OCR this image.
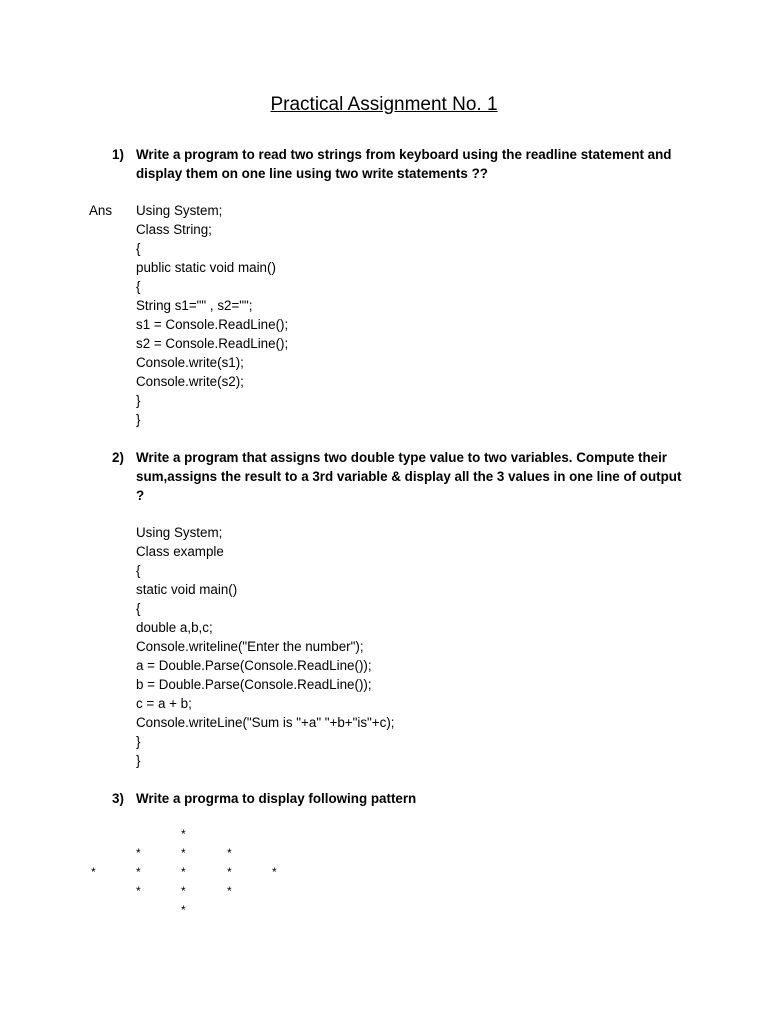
Practical Assignment No. 1
1) Write a program to read two strings from keyboard using the readline statement and display them on one line using two write statements ??
Ans Using System;
Class String;
{
public static void main()
{
String s1="" , s2="";
s1 = Console.ReadLine();
s2 = Console.ReadLine();
Console.write(s1);
Console.write(s2);
}
}
2) Write a program that assigns two double type value to two variables. Compute their sum,assigns the result to a 3rd variable & display all the 3 values in one line of output ?
Using System;
Class example
{
static void main()
{
double a,b,c;
Console.writeline("Enter the number");
a = Double.Parse(Console.ReadLine());
b = Double.Parse(Console.ReadLine());
c = a + b;
Console.writeLine("Sum is "+a" "+b+"is"+c);
}
}
3) Write a progrma to display following pattern
*
*	*	*
*	*	*	*	*
*	*	*
*
